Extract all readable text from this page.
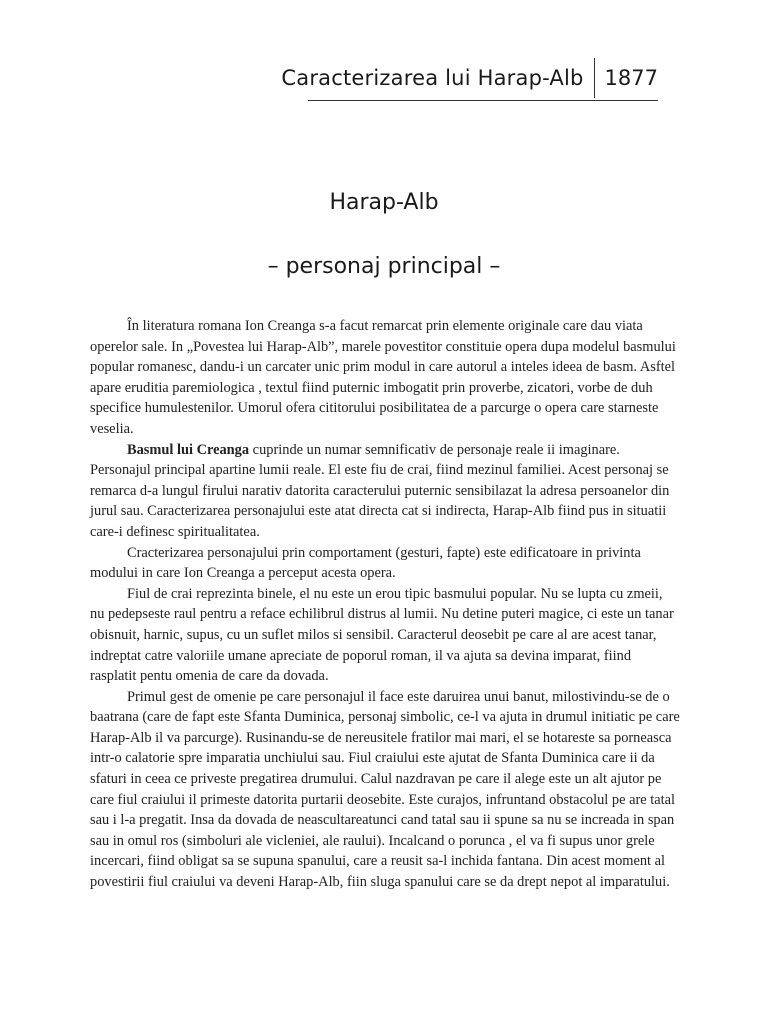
Caracterizarea lui Harap-Alb	1877
Harap-Alb
– personaj principal –

În literatura romana Ion Creanga s-a facut remarcat prin elemente originale care dau viata operelor sale. In „Povestea lui Harap-Alb”, marele povestitor constituie opera dupa modelul basmului popular romanesc, dandu-i un carcater unic prim modul in care autorul a inteles ideea de basm. Asftel apare eruditia paremiologica , textul fiind puternic imbogatit prin proverbe, zicatori, vorbe de duh specifice humulestenilor. Umorul ofera cititorului posibilitatea de a parcurge o opera care starneste veselia.

Basmul lui Creanga cuprinde un numar semnificativ de personaje reale ii imaginare. Personajul principal apartine lumii reale. El este fiu de crai, fiind mezinul familiei. Acest personaj se remarca d-a lungul firului narativ datorita caracterului puternic sensibilazat la adresa persoanelor din jurul sau. Caracterizarea personajului este atat directa cat si indirecta, Harap-Alb fiind pus in situatii care-i definesc spiritualitatea.

Cracterizarea personajului prin comportament (gesturi, fapte) este edificatoare in privinta modului in care Ion Creanga a perceput acesta opera.

Fiul de crai reprezinta binele, el nu este un erou tipic basmului popular. Nu se lupta cu zmeii, nu pedepseste raul pentru a reface echilibrul distrus al lumii. Nu detine puteri magice, ci este un tanar obisnuit, harnic, supus, cu un suflet milos si sensibil. Caracterul deosebit pe care al are acest tanar, indreptat catre valoriile umane apreciate de poporul roman, il va ajuta sa devina imparat, fiind rasplatit pentu omenia de care da dovada.

Primul gest de omenie pe care personajul il face este daruirea unui banut, milostivindu-se de o baatrana (care de fapt este Sfanta Duminica, personaj simbolic, ce-l va ajuta in drumul initiatic pe care Harap-Alb il va parcurge). Rusinandu-se de nereusitele fratilor mai mari, el se hotareste sa porneasca intr-o calatorie spre imparatia unchiului sau. Fiul craiului este ajutat de Sfanta Duminica care ii da sfaturi in ceea ce priveste pregatirea drumului. Calul nazdravan pe care il alege este un alt ajutor pe care fiul craiului il primeste datorita purtarii deosebite. Este curajos, infruntand obstacolul pe are tatal sau i l-a pregatit. Insa da dovada de neascultareatunci cand tatal sau ii spune sa nu se increada in span sau in omul ros (simboluri ale vicleniei, ale raului). Incalcand o porunca , el va fi supus unor grele incercari, fiind obligat sa se supuna spanului, care a reusit sa-l inchida fantana. Din acest moment al povestirii fiul craiului va deveni Harap-Alb, fiin sluga spanului care se da drept nepot al imparatului.
